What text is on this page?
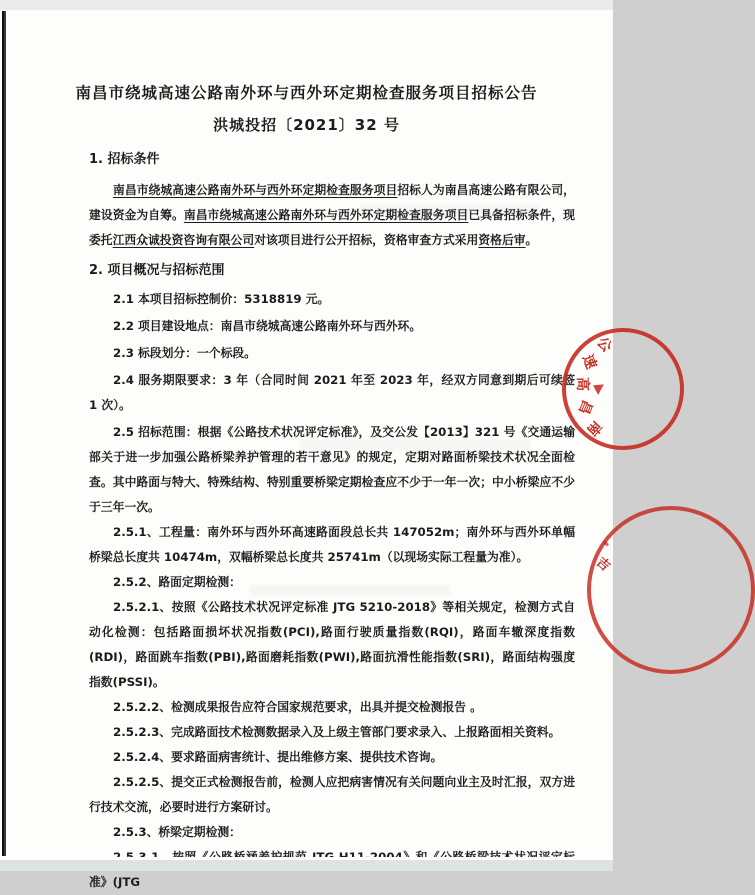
南昌市绕城高速公路南外环与西外环定期检查服务项目招标公告
洪城投招〔2021〕32 号

1. 招标条件

南昌市绕城高速公路南外环与西外环定期检查服务项目招标人为南昌高速公路有限公司，建设资金为自筹。南昌市绕城高速公路南外环与西外环定期检查服务项目已具备招标条件，现委托江西众诚投资咨询有限公司对该项目进行公开招标，资格审查方式采用资格后审。

2. 项目概况与招标范围

2.1 本项目招标控制价：5318819 元。

2.2 项目建设地点：南昌市绕城高速公路南外环与西外环。

2.3 标段划分：一个标段。

2.4 服务期限要求：3 年（合同时间 2021 年至 2023 年，经双方同意到期后可续签 1 次）。

2.5 招标范围：根据《公路技术状况评定标准》，及交公发【2013】321 号《交通运输部关于进一步加强公路桥梁养护管理的若干意见》的规定，定期对路面桥梁技术状况全面检查。其中路面与特大、特殊结构、特别重要桥梁定期检查应不少于一年一次；中小桥梁应不少于三年一次。

2.5.1、工程量：南外环与西外环高速路面段总长共 147052m；南外环与西外环单幅桥梁总长度共 10474m，双幅桥梁总长度共 25741m（以现场实际工程量为准）。

2.5.2、路面定期检测：

2.5.2.1、按照《公路技术状况评定标准 JTG 5210-2018》等相关规定，检测方式自动化检测：包括路面损坏状况指数(PCI),路面行驶质量指数(RQI)，路面车辙深度指数(RDI)，路面跳车指数(PBI),路面磨耗指数(PWI),路面抗滑性能指数(SRI)，路面结构强度指数(PSSI)。

2.5.2.2、检测成果报告应符合国家规范要求，出具并提交检测报告 。

2.5.2.3、完成路面技术检测数据录入及上级主管部门要求录入、上报路面相关资料。

2.5.2.4、要求路面病害统计、提出维修方案、提供技术咨询。

2.5.2.5、提交正式检测报告前，检测人应把病害情况有关问题向业主及时汇报，双方进行技术交流，必要时进行方案研讨。

2.5.3、桥梁定期检测：

准》(JTG

公
速
高
昌
南
吉
